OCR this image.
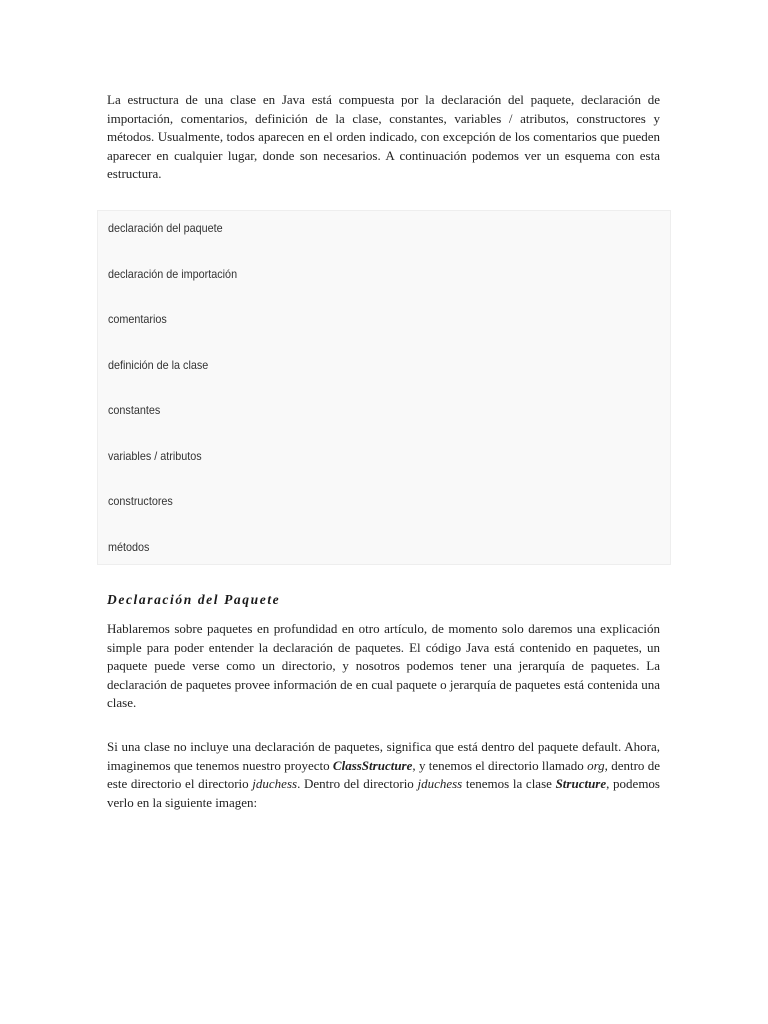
La estructura de una clase en Java está compuesta por la declaración del paquete, declaración de importación, comentarios, definición de la clase, constantes, variables / atributos, constructores y métodos. Usualmente, todos aparecen en el orden indicado, con excepción de los comentarios que pueden aparecer en cualquier lugar, donde son necesarios. A continuación podemos ver un esquema con esta estructura.

declaración del paquete
declaración de importación
comentarios
definición de la clase
constantes
variables / atributos
constructores
métodos
Declaración del Paquete

Hablaremos sobre paquetes en profundidad en otro artículo, de momento solo daremos una explicación simple para poder entender la declaración de paquetes. El código Java está contenido en paquetes, un paquete puede verse como un directorio, y nosotros podemos tener una jerarquía de paquetes. La declaración de paquetes provee información de en cual paquete o jerarquía de paquetes está contenida una clase.

Si una clase no incluye una declaración de paquetes, significa que está dentro del paquete default. Ahora, imaginemos que tenemos nuestro proyecto ClassStructure, y tenemos el directorio llamado org, dentro de este directorio el directorio jduchess. Dentro del directorio jduchess tenemos la clase Structure, podemos verlo en la siguiente imagen:
